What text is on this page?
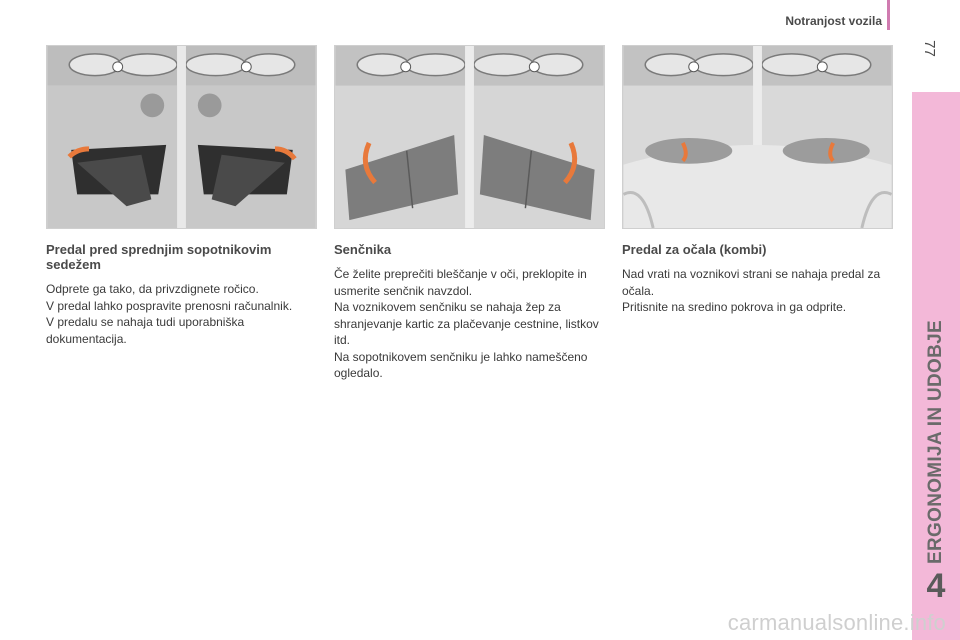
Notranjost vozila
77
ERGONOMIJA IN UDOBJE
4
Predal pred sprednjim sopotnikovim sedežem

Odprete ga tako, da privzdignete ročico.

V predal lahko pospravite prenosni računalnik.

V predalu se nahaja tudi uporabniška dokumentacija.

Senčnika

Če želite preprečiti bleščanje v oči, preklopite in usmerite senčnik navzdol.

Na voznikovem senčniku se nahaja žep za shranjevanje kartic za plačevanje cestnine, listkov itd.

Na sopotnikovem senčniku je lahko nameščeno ogledalo.

Predal za očala (kombi)

Nad vrati na voznikovi strani se nahaja predal za očala.

Pritisnite na sredino pokrova in ga odprite.

carmanualsonline.info
